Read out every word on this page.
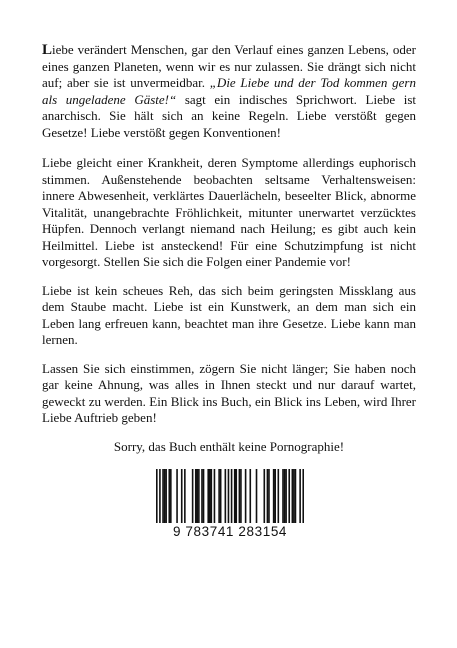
Liebe verändert Menschen, gar den Verlauf eines ganzen Lebens, oder eines ganzen Planeten, wenn wir es nur zulassen. Sie drängt sich nicht auf; aber sie ist unvermeidbar. „Die Liebe und der Tod kommen gern als ungeladene Gäste!“ sagt ein indisches Sprichwort. Liebe ist anarchisch. Sie hält sich an keine Regeln. Liebe verstößt gegen Gesetze! Liebe verstößt gegen Konventionen!

Liebe gleicht einer Krankheit, deren Symptome allerdings euphorisch stimmen. Außenstehende beobachten seltsame Verhaltensweisen: innere Abwesenheit, verklärtes Dauerlächeln, beseelter Blick, abnorme Vitalität, unangebrachte Fröhlichkeit, mitunter unerwartet verzücktes Hüpfen. Dennoch verlangt niemand nach Heilung; es gibt auch kein Heilmittel. Liebe ist ansteckend! Für eine Schutzimpfung ist nicht vorgesorgt. Stellen Sie sich die Folgen einer Pandemie vor!

Liebe ist kein scheues Reh, das sich beim geringsten Missklang aus dem Staube macht. Liebe ist ein Kunstwerk, an dem man sich ein Leben lang erfreuen kann, beachtet man ihre Gesetze. Liebe kann man lernen.

Lassen Sie sich einstimmen, zögern Sie nicht länger; Sie haben noch gar keine Ahnung, was alles in Ihnen steckt und nur darauf wartet, geweckt zu werden. Ein Blick ins Buch, ein Blick ins Leben, wird Ihrer Liebe Auftrieb geben!

Sorry, das Buch enthält keine Pornographie!
9 783741 283154
